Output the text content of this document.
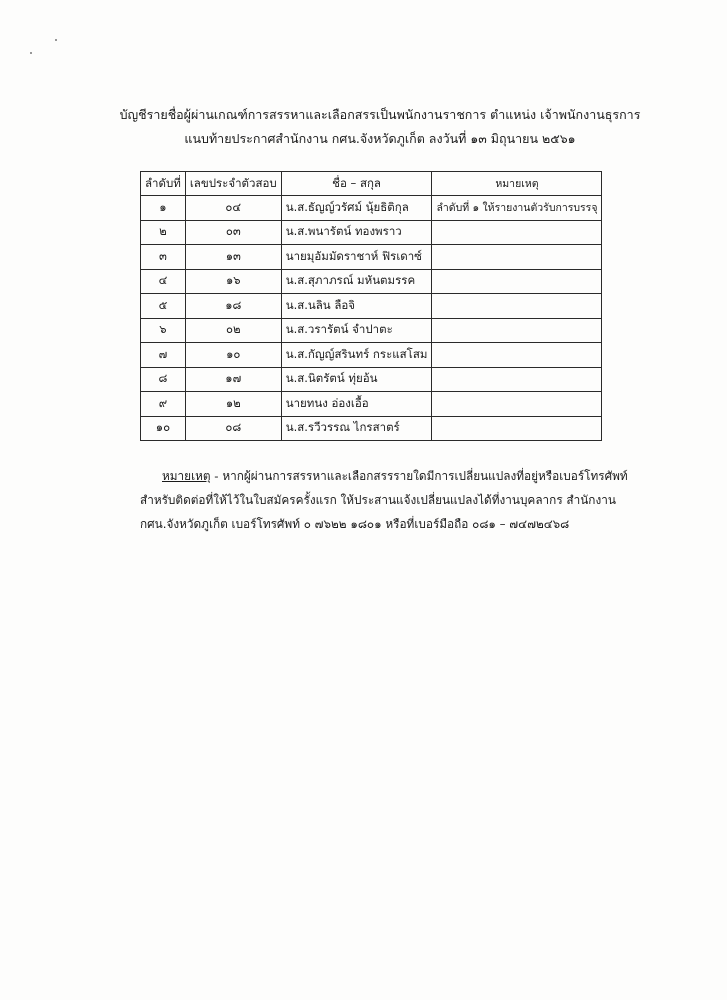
บัญชีรายชื่อผู้ผ่านเกณฑ์การสรรหาและเลือกสรรเป็นพนักงานราชการ ตำแหน่ง เจ้าพนักงานธุรการ
แนบท้ายประกาศสำนักงาน กศน.จังหวัดภูเก็ต ลงวันที่ ๑๓ มิถุนายน ๒๕๖๑
ลำดับที่	เลขประจำตัวสอบ	ชื่อ – สกุล	หมายเหตุ
๑	๐๔	น.ส.ธัญญ์วรัศม์ นุ้ยธิติกุล	ลำดับที่ ๑ ให้รายงานตัวรับการบรรจุ
๒	๐๓	น.ส.พนารัตน์ ทองพราว	
๓	๑๓	นายมุอัมมัดราชาห์ ฟิรเดาซ์	
๔	๑๖	น.ส.สุภาภรณ์ มหันตมรรค	
๕	๑๘	น.ส.นลิน ลือจิ	
๖	๐๒	น.ส.วรารัตน์ จำปาตะ	
๗	๑๐	น.ส.กัญญ์สรินทร์ กระแสโสม	
๘	๑๗	น.ส.นิตรัตน์ ทุ่ยอ้น	
๙	๑๒	นายทนง อ่องเอื้อ	
๑๐	๐๘	น.ส.รวีวรรณ ไกรสาตร์	
หมายเหตุ - หากผู้ผ่านการสรรหาและเลือกสรรรายใดมีการเปลี่ยนแปลงที่อยู่หรือเบอร์โทรศัพท์
สำหรับติดต่อที่ให้ไว้ในใบสมัครครั้งแรก ให้ประสานแจ้งเปลี่ยนแปลงได้ที่งานบุคลากร สำนักงาน
กศน.จังหวัดภูเก็ต เบอร์โทรศัพท์ ๐ ๗๖๒๒ ๑๘๐๑ หรือที่เบอร์มือถือ ๐๘๑ – ๗๔๗๒๔๖๘
